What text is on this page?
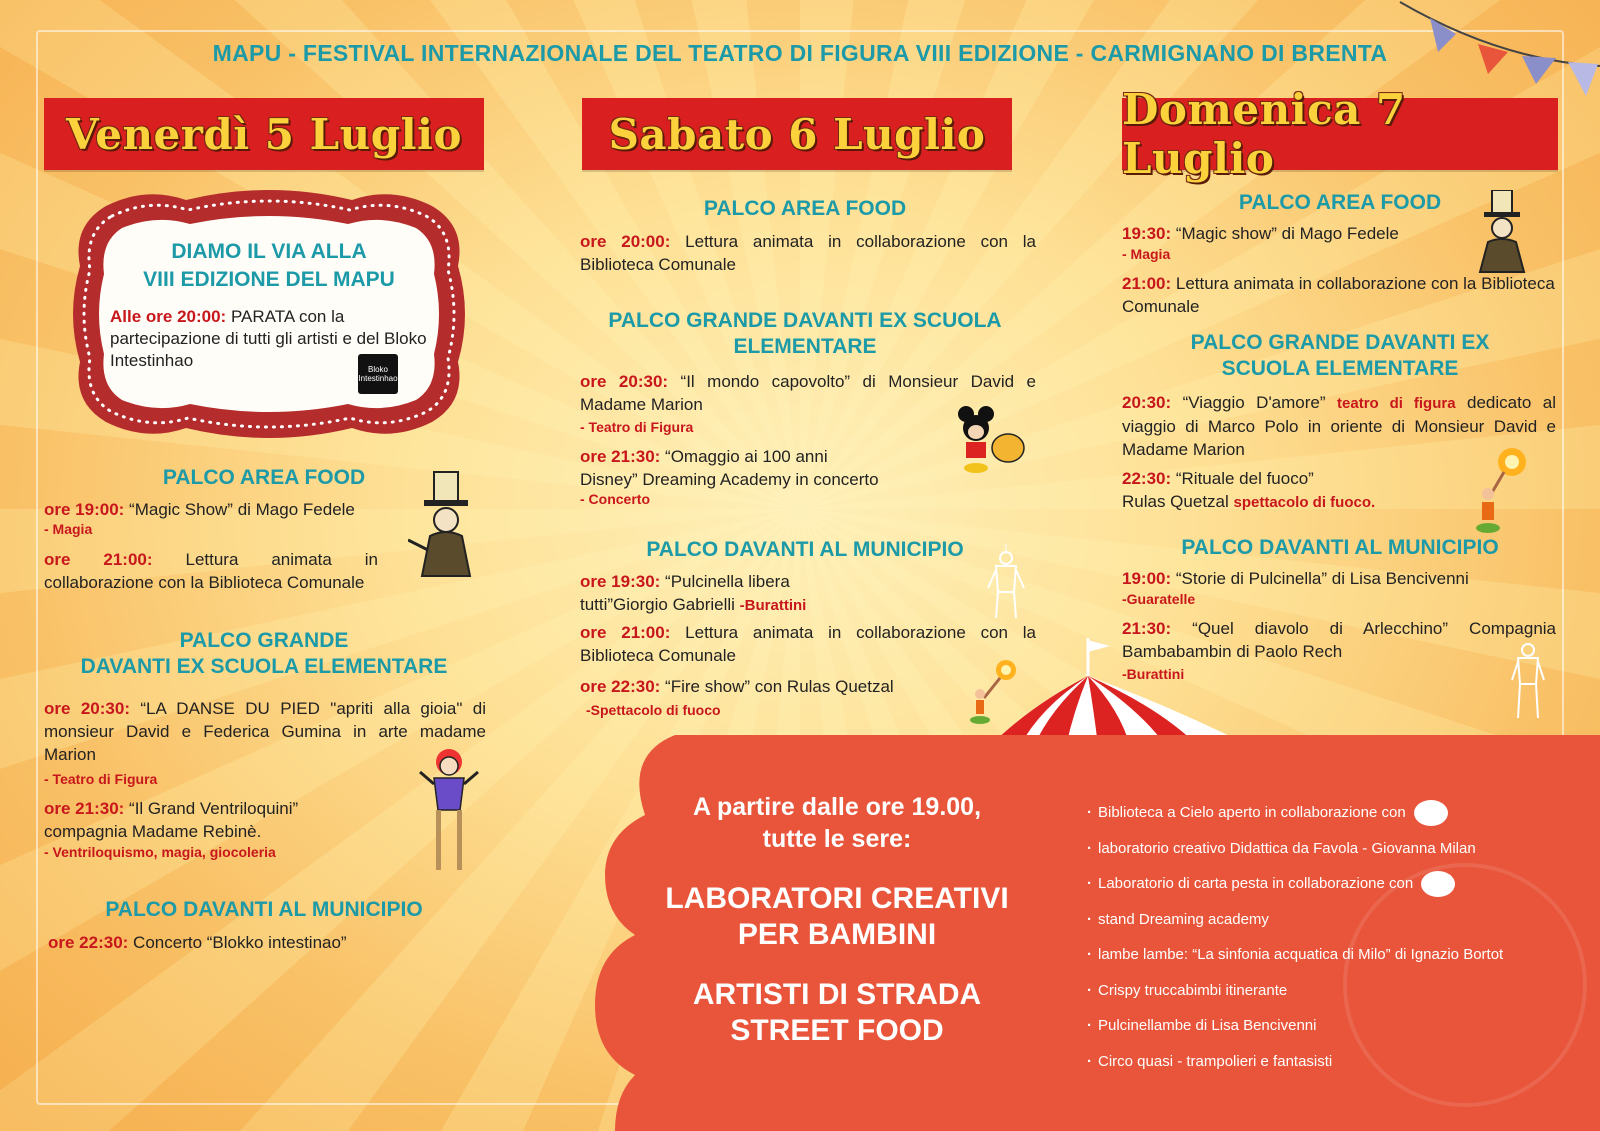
MAPU - FESTIVAL INTERNAZIONALE DEL TEATRO DI FIGURA VIII EDIZIONE - CARMIGNANO DI BRENTA
Venerdì 5 Luglio	Sabato 6 Luglio	Domenica 7 Luglio
DIAMO IL VIA ALLA
VIII EDIZIONE DEL MAPU
Alle ore 20:00: PARATA con la partecipazione di tutti gli artisti e del Bloko Intestinhao	Bloko Intestinhao
PALCO AREA FOOD
ore 19:00: “Magic Show” di Mago Fedele
- Magia
ore 21:00: Lettura animata in collaborazione con la Biblioteca Comunale
PALCO GRANDE
DAVANTI EX SCUOLA ELEMENTARE
ore 20:30: “LA DANSE DU PIED "apriti alla gioia" di monsieur David e Federica Gumina in arte madame Marion
- Teatro di Figura
ore 21:30: “Il Grand Ventriloquini” compagnia Madame Rebinè.
- Ventriloquismo, magia, giocoleria
PALCO DAVANTI AL MUNICIPIO
ore 22:30: Concerto “Blokko intestinao”
PALCO AREA FOOD
ore 20:00: Lettura animata in collaborazione con la Biblioteca Comunale
PALCO GRANDE DAVANTI EX SCUOLA
ELEMENTARE
ore 20:30: “Il mondo capovolto” di Monsieur David e Madame Marion
- Teatro di Figura
ore 21:30: “Omaggio ai 100 anni
Disney” Dreaming Academy in concerto
- Concerto
PALCO DAVANTI AL MUNICIPIO
ore 19:30: “Pulcinella libera
tutti”Giorgio Gabrielli -Burattini
ore 21:00: Lettura animata in collaborazione con la Biblioteca Comunale
ore 22:30: “Fire show” con Rulas Quetzal
-Spettacolo di fuoco
PALCO AREA FOOD
19:30: “Magic show” di Mago Fedele
- Magia
21:00: Lettura animata in collaborazione con la Biblioteca Comunale
PALCO GRANDE DAVANTI EX
SCUOLA ELEMENTARE
20:30: “Viaggio D'amore” teatro di figura dedicato al viaggio di Marco Polo in oriente di Monsieur David e Madame Marion
22:30: “Rituale del fuoco”
Rulas Quetzal spettacolo di fuoco.
PALCO DAVANTI AL MUNICIPIO
19:00: “Storie di Pulcinella” di Lisa Bencivenni
-Guaratelle
21:30: “Quel diavolo di Arlecchino” Compagnia Bambabambin di Paolo Rech
-Burattini
A partire dalle ore 19.00,
tutte le sere:
LABORATORI CREATIVI
PER BAMBINI
ARTISTI DI STRADA
STREET FOOD
· Biblioteca a Cielo aperto in collaborazione con
· laboratorio creativo Didattica da Favola - Giovanna Milan
· Laboratorio di carta pesta in collaborazione con
· stand Dreaming academy
· lambe lambe: “La sinfonia acquatica di Milo” di Ignazio Bortot
· Crispy truccabimbi itinerante
· Pulcinellambe di Lisa Bencivenni
· Circo quasi - trampolieri e fantasisti
